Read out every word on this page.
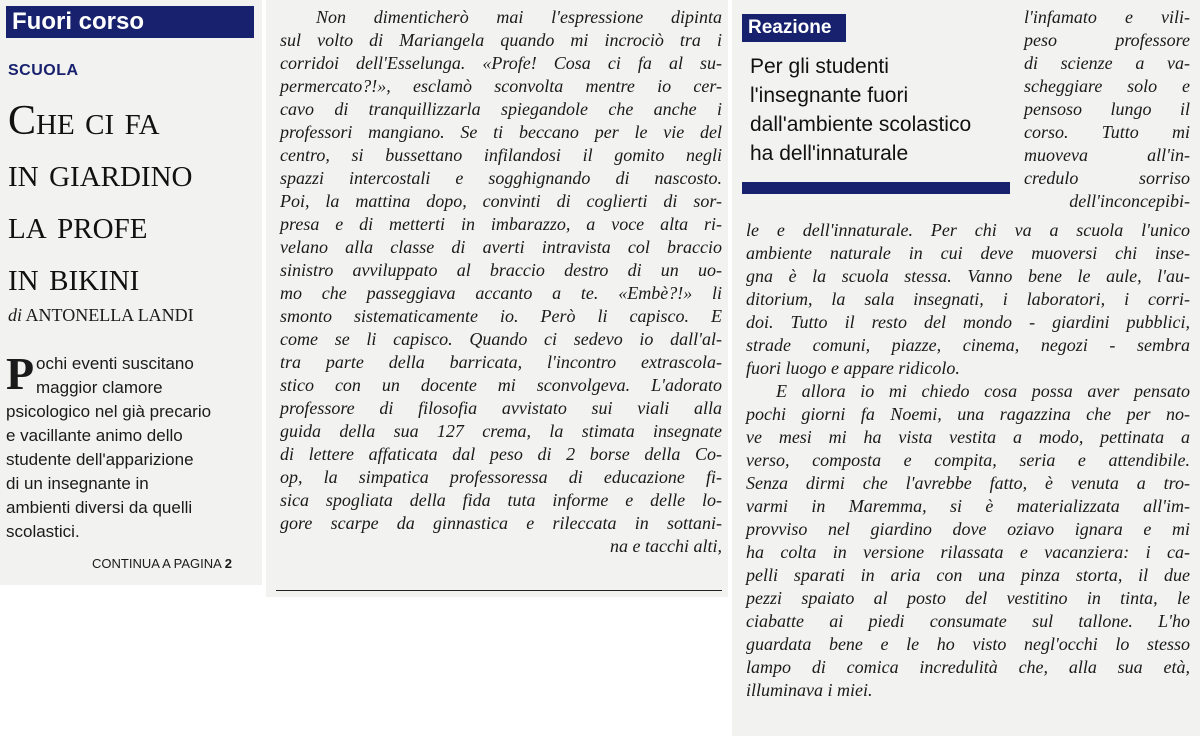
Fuori corso
SCUOLA
Che ci fa
in giardino
la profe
in bikini
di ANTONELLA LANDI
P ochi eventi suscitano

maggior clamore

psicologico nel già precario

e vacillante animo dello

studente dell'apparizione

di un insegnante in

ambienti diversi da quelli

scolastici.

CONTINUA A PAGINA 2

Non dimenticherò mai l'espressione dipinta

sul volto di Mariangela quando mi incrociò tra i

corridoi dell'Esselunga. «Profe! Cosa ci fa al su-

permercato?!», esclamò sconvolta mentre io cer-

cavo di tranquillizzarla spiegandole che anche i

professori mangiano. Se ti beccano per le vie del

centro, si bussettano infilandosi il gomito negli

spazzi intercostali e sogghignando di nascosto.

Poi, la mattina dopo, convinti di coglierti di sor-

presa e di metterti in imbarazzo, a voce alta ri-

velano alla classe di averti intravista col braccio

sinistro avviluppato al braccio destro di un uo-

mo che passeggiava accanto a te. «Embè?!» li

smonto sistematicamente io. Però li capisco. E

come se li capisco. Quando ci sedevo io dall'al-

tra parte della barricata, l'incontro extrascola-

stico con un docente mi sconvolgeva. L'adorato

professore di filosofia avvistato sui viali alla

guida della sua 127 crema, la stimata insegnate

di lettere affaticata dal peso di 2 borse della Co-

op, la simpatica professoressa di educazione fi-

sica spogliata della fida tuta informe e delle lo-

gore scarpe da ginnastica e rileccata in sottani-

na e tacchi alti,

Reazione

Per gli studenti

l'insegnante fuori

dall'ambiente scolastico

ha dell'innaturale

l'infamato e vili-

peso professore

di scienze a va-

scheggiare solo e

pensoso lungo il

corso. Tutto mi

muoveva all'in-

credulo sorriso

dell'inconcepibi-

le e dell'innaturale. Per chi va a scuola l'unico

ambiente naturale in cui deve muoversi chi inse-

gna è la scuola stessa. Vanno bene le aule, l'au-

ditorium, la sala insegnati, i laboratori, i corri-

doi. Tutto il resto del mondo - giardini pubblici,

strade comuni, piazze, cinema, negozi - sembra

fuori luogo e appare ridicolo.

E allora io mi chiedo cosa possa aver pensato

pochi giorni fa Noemi, una ragazzina che per no-

ve mesi mi ha vista vestita a modo, pettinata a

verso, composta e compita, seria e attendibile.

Senza dirmi che l'avrebbe fatto, è venuta a tro-

varmi in Maremma, si è materializzata all'im-

provviso nel giardino dove oziavo ignara e mi

ha colta in versione rilassata e vacanziera: i ca-

pelli sparati in aria con una pinza storta, il due

pezzi spaiato al posto del vestitino in tinta, le

ciabatte ai piedi consumate sul tallone. L'ho

guardata bene e le ho visto negl'occhi lo stesso

lampo di comica incredulità che, alla sua età,

illuminava i miei.
